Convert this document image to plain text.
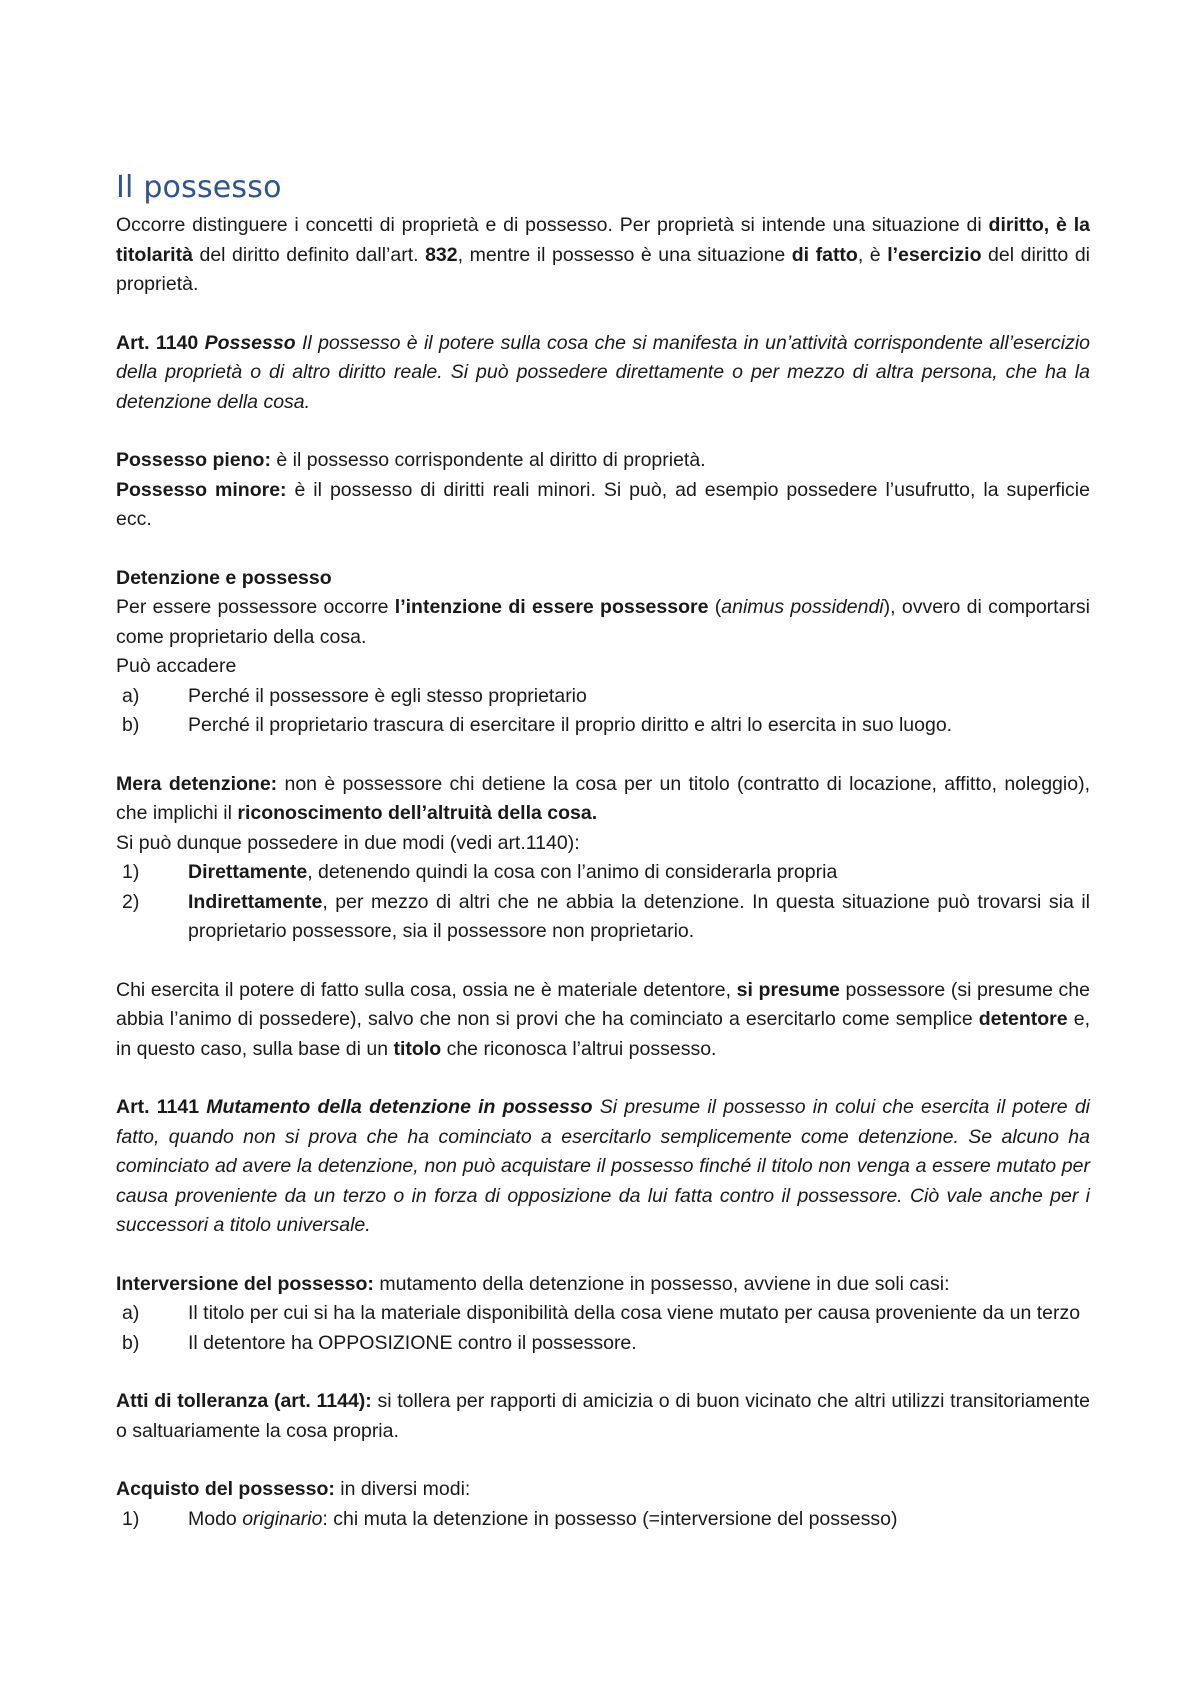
Il possesso

Occorre distinguere i concetti di proprietà e di possesso. Per proprietà si intende una situazione di diritto, è la titolarità del diritto definito dall’art. 832, mentre il possesso è una situazione di fatto, è l’esercizio del diritto di proprietà.

Art. 1140 Possesso Il possesso è il potere sulla cosa che si manifesta in un’attività corrispondente all’esercizio della proprietà o di altro diritto reale. Si può possedere direttamente o per mezzo di altra persona, che ha la detenzione della cosa.

Possesso pieno: è il possesso corrispondente al diritto di proprietà.

Possesso minore: è il possesso di diritti reali minori. Si può, ad esempio possedere l’usufrutto, la superficie ecc.

Detenzione e possesso

Per essere possessore occorre l’intenzione di essere possessore (animus possidendi), ovvero di comportarsi come proprietario della cosa.

Può accadere

a)	Perché il possessore è egli stesso proprietario
b)	Perché il proprietario trascura di esercitare il proprio diritto e altri lo esercita in suo luogo.

Mera detenzione: non è possessore chi detiene la cosa per un titolo (contratto di locazione, affitto, noleggio), che implichi il riconoscimento dell’altruità della cosa.

Si può dunque possedere in due modi (vedi art.1140):

1)	Direttamente, detenendo quindi la cosa con l’animo di considerarla propria
2)	Indirettamente, per mezzo di altri che ne abbia la detenzione. In questa situazione può trovarsi sia il proprietario possessore, sia il possessore non proprietario.

Chi esercita il potere di fatto sulla cosa, ossia ne è materiale detentore, si presume possessore (si presume che abbia l’animo di possedere), salvo che non si provi che ha cominciato a esercitarlo come semplice detentore e, in questo caso, sulla base di un titolo che riconosca l’altrui possesso.

Art. 1141 Mutamento della detenzione in possesso Si presume il possesso in colui che esercita il potere di fatto, quando non si prova che ha cominciato a esercitarlo semplicemente come detenzione. Se alcuno ha cominciato ad avere la detenzione, non può acquistare il possesso finché il titolo non venga a essere mutato per causa proveniente da un terzo o in forza di opposizione da lui fatta contro il possessore. Ciò vale anche per i successori a titolo universale.

Interversione del possesso: mutamento della detenzione in possesso, avviene in due soli casi:

a)	Il titolo per cui si ha la materiale disponibilità della cosa viene mutato per causa proveniente da un terzo
b)	Il detentore ha OPPOSIZIONE contro il possessore.

Atti di tolleranza (art. 1144): si tollera per rapporti di amicizia o di buon vicinato che altri utilizzi transitoriamente o saltuariamente la cosa propria.

Acquisto del possesso: in diversi modi:

1)	Modo originario: chi muta la detenzione in possesso (=interversione del possesso)
